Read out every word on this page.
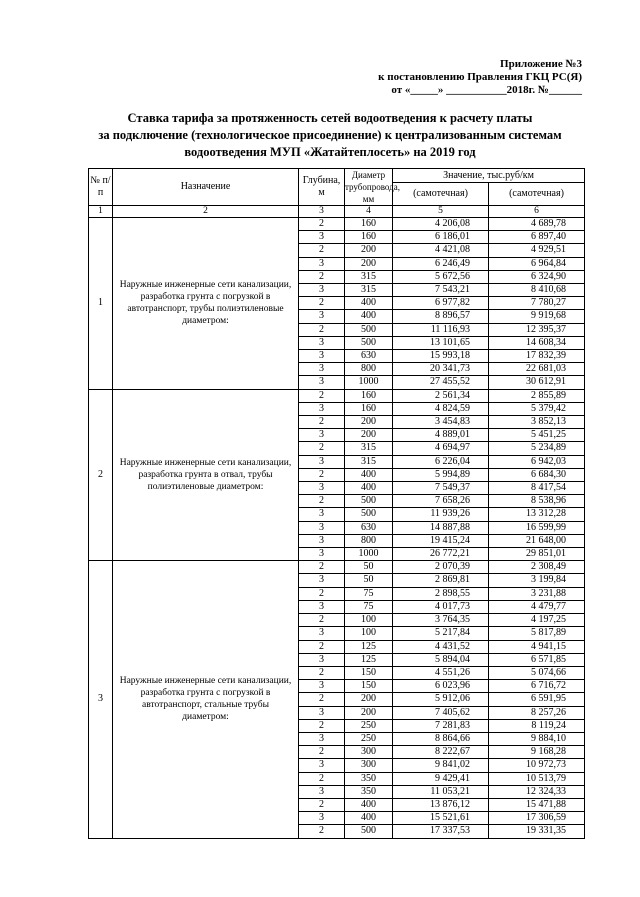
Приложение №3
к постановлению Правления ГКЦ РС(Я)
от «_____» ___________2018г. №______
Ставка тарифа за протяженность сетей водоотведения к расчету платы
за подключение (технологическое присоединение) к централизованным системам
водоотведения МУП «Жатайтеплосеть» на 2019 год
№ п/п	Назначение	Глубина, м	Диаметр трубопровода, мм	Значение, тыс.руб/км	
				(самотечная)	(самотечная)
1	2	3	4	5	6
1	Наружные инженерные сети канализации, разработка грунта с погрузкой в автотранспорт, трубы полиэтиленовые диаметром:	2	160	4 206,08	4 689,78
		3	160	6 186,01	6 897,40
		2	200	4 421,08	4 929,51
		3	200	6 246,49	6 964,84
		2	315	5 672,56	6 324,90
		3	315	7 543,21	8 410,68
		2	400	6 977,82	7 780,27
		3	400	8 896,57	9 919,68
		2	500	11 116,93	12 395,37
		3	500	13 101,65	14 608,34
		3	630	15 993,18	17 832,39
		3	800	20 341,73	22 681,03
		3	1000	27 455,52	30 612,91
2	Наружные инженерные сети канализации, разработка грунта в отвал, трубы полиэтиленовые диаметром:	2	160	2 561,34	2 855,89
		3	160	4 824,59	5 379,42
		2	200	3 454,83	3 852,13
		3	200	4 889,01	5 451,25
		2	315	4 694,97	5 234,89
		3	315	6 226,04	6 942,03
		2	400	5 994,89	6 684,30
		3	400	7 549,37	8 417,54
		2	500	7 658,26	8 538,96
		3	500	11 939,26	13 312,28
		3	630	14 887,88	16 599,99
		3	800	19 415,24	21 648,00
		3	1000	26 772,21	29 851,01
3	Наружные инженерные сети канализации, разработка грунта с погрузкой в автотранспорт, стальные трубы диаметром:	2	50	2 070,39	2 308,49
		3	50	2 869,81	3 199,84
		2	75	2 898,55	3 231,88
		3	75	4 017,73	4 479,77
		2	100	3 764,35	4 197,25
		3	100	5 217,84	5 817,89
		2	125	4 431,52	4 941,15
		3	125	5 894,04	6 571,85
		2	150	4 551,26	5 074,66
		3	150	6 023,96	6 716,72
		2	200	5 912,06	6 591,95
		3	200	7 405,62	8 257,26
		2	250	7 281,83	8 119,24
		3	250	8 864,66	9 884,10
		2	300	8 222,67	9 168,28
		3	300	9 841,02	10 972,73
		2	350	9 429,41	10 513,79
		3	350	11 053,21	12 324,33
		2	400	13 876,12	15 471,88
		3	400	15 521,61	17 306,59
		2	500	17 337,53	19 331,35
